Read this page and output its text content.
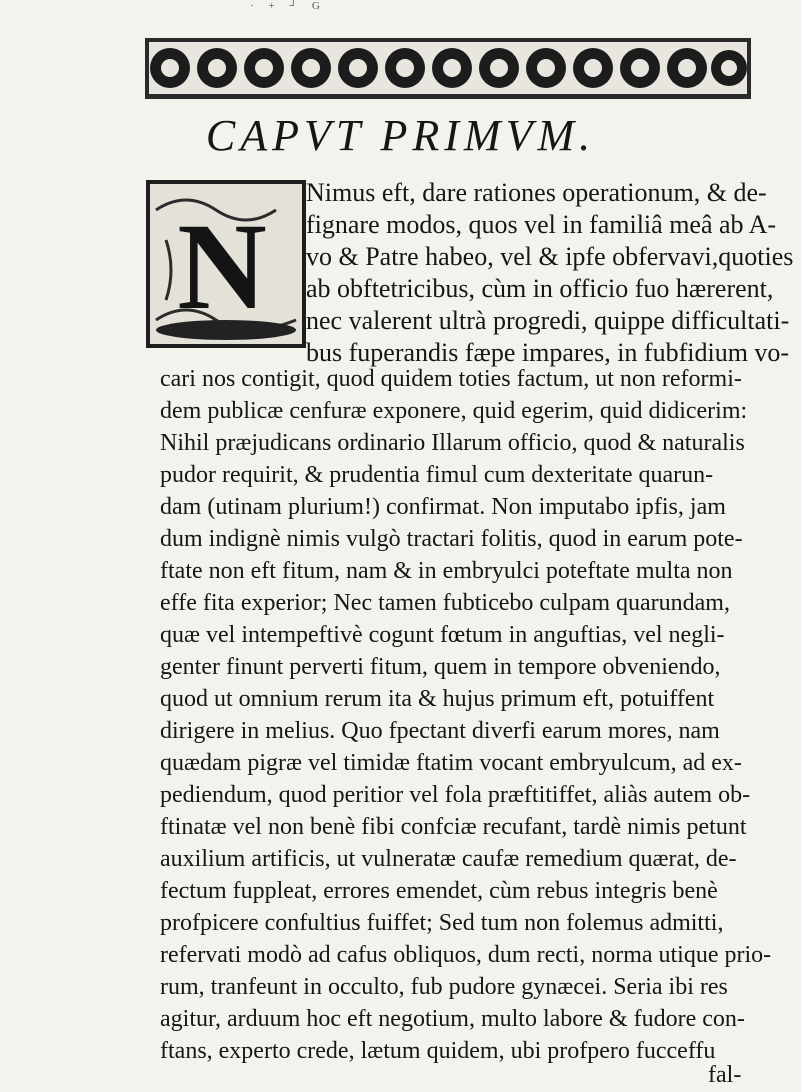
· + ┘ G
CAPVT PRIMVM.
N
Nimus eft, dare rationes operationum, & de-
fignare modos, quos vel in familiâ meâ ab A-
vo & Patre habeo, vel & ipfe obfervavi,quoties
ab obftetricibus, cùm in officio fuo hærerent,
nec valerent ultrà progredi, quippe difficultati-
bus fuperandis fæpe impares, in fubfidium vo-
cari nos contigit, quod quidem toties factum, ut non reformi-
dem publicæ cenfuræ exponere, quid egerim, quid didicerim:
Nihil præjudicans ordinario Illarum officio, quod & naturalis
pudor requirit, & prudentia fimul cum dexteritate quarun-
dam (utinam plurium!) confirmat. Non imputabo ipfis, jam
dum indignè nimis vulgò tractari folitis, quod in earum pote-
ftate non eft fitum, nam & in embryulci poteftate multa non
effe fita experior; Nec tamen fubticebo culpam quarundam,
quæ vel intempeftivè cogunt fœtum in anguftias, vel negli-
genter finunt perverti fitum, quem in tempore obveniendo,
quod ut omnium rerum ita & hujus primum eft, potuiffent
dirigere in melius. Quo fpectant diverfi earum mores, nam
quædam pigræ vel timidæ ftatim vocant embryulcum, ad ex-
pediendum, quod peritior vel fola præftitiffet, aliàs autem ob-
ftinatæ vel non benè fibi confciæ recufant, tardè nimis petunt
auxilium artificis, ut vulneratæ caufæ remedium quærat, de-
fectum fuppleat, errores emendet, cùm rebus integris benè
profpicere confultius fuiffet; Sed tum non folemus admitti,
refervati modò ad cafus obliquos, dum recti, norma utique prio-
rum, tranfeunt in occulto, fub pudore gynæcei. Seria ibi res
agitur, arduum hoc eft negotium, multo labore & fudore con-
ftans, experto crede, lætum quidem, ubi profpero fucceffu
fal-
